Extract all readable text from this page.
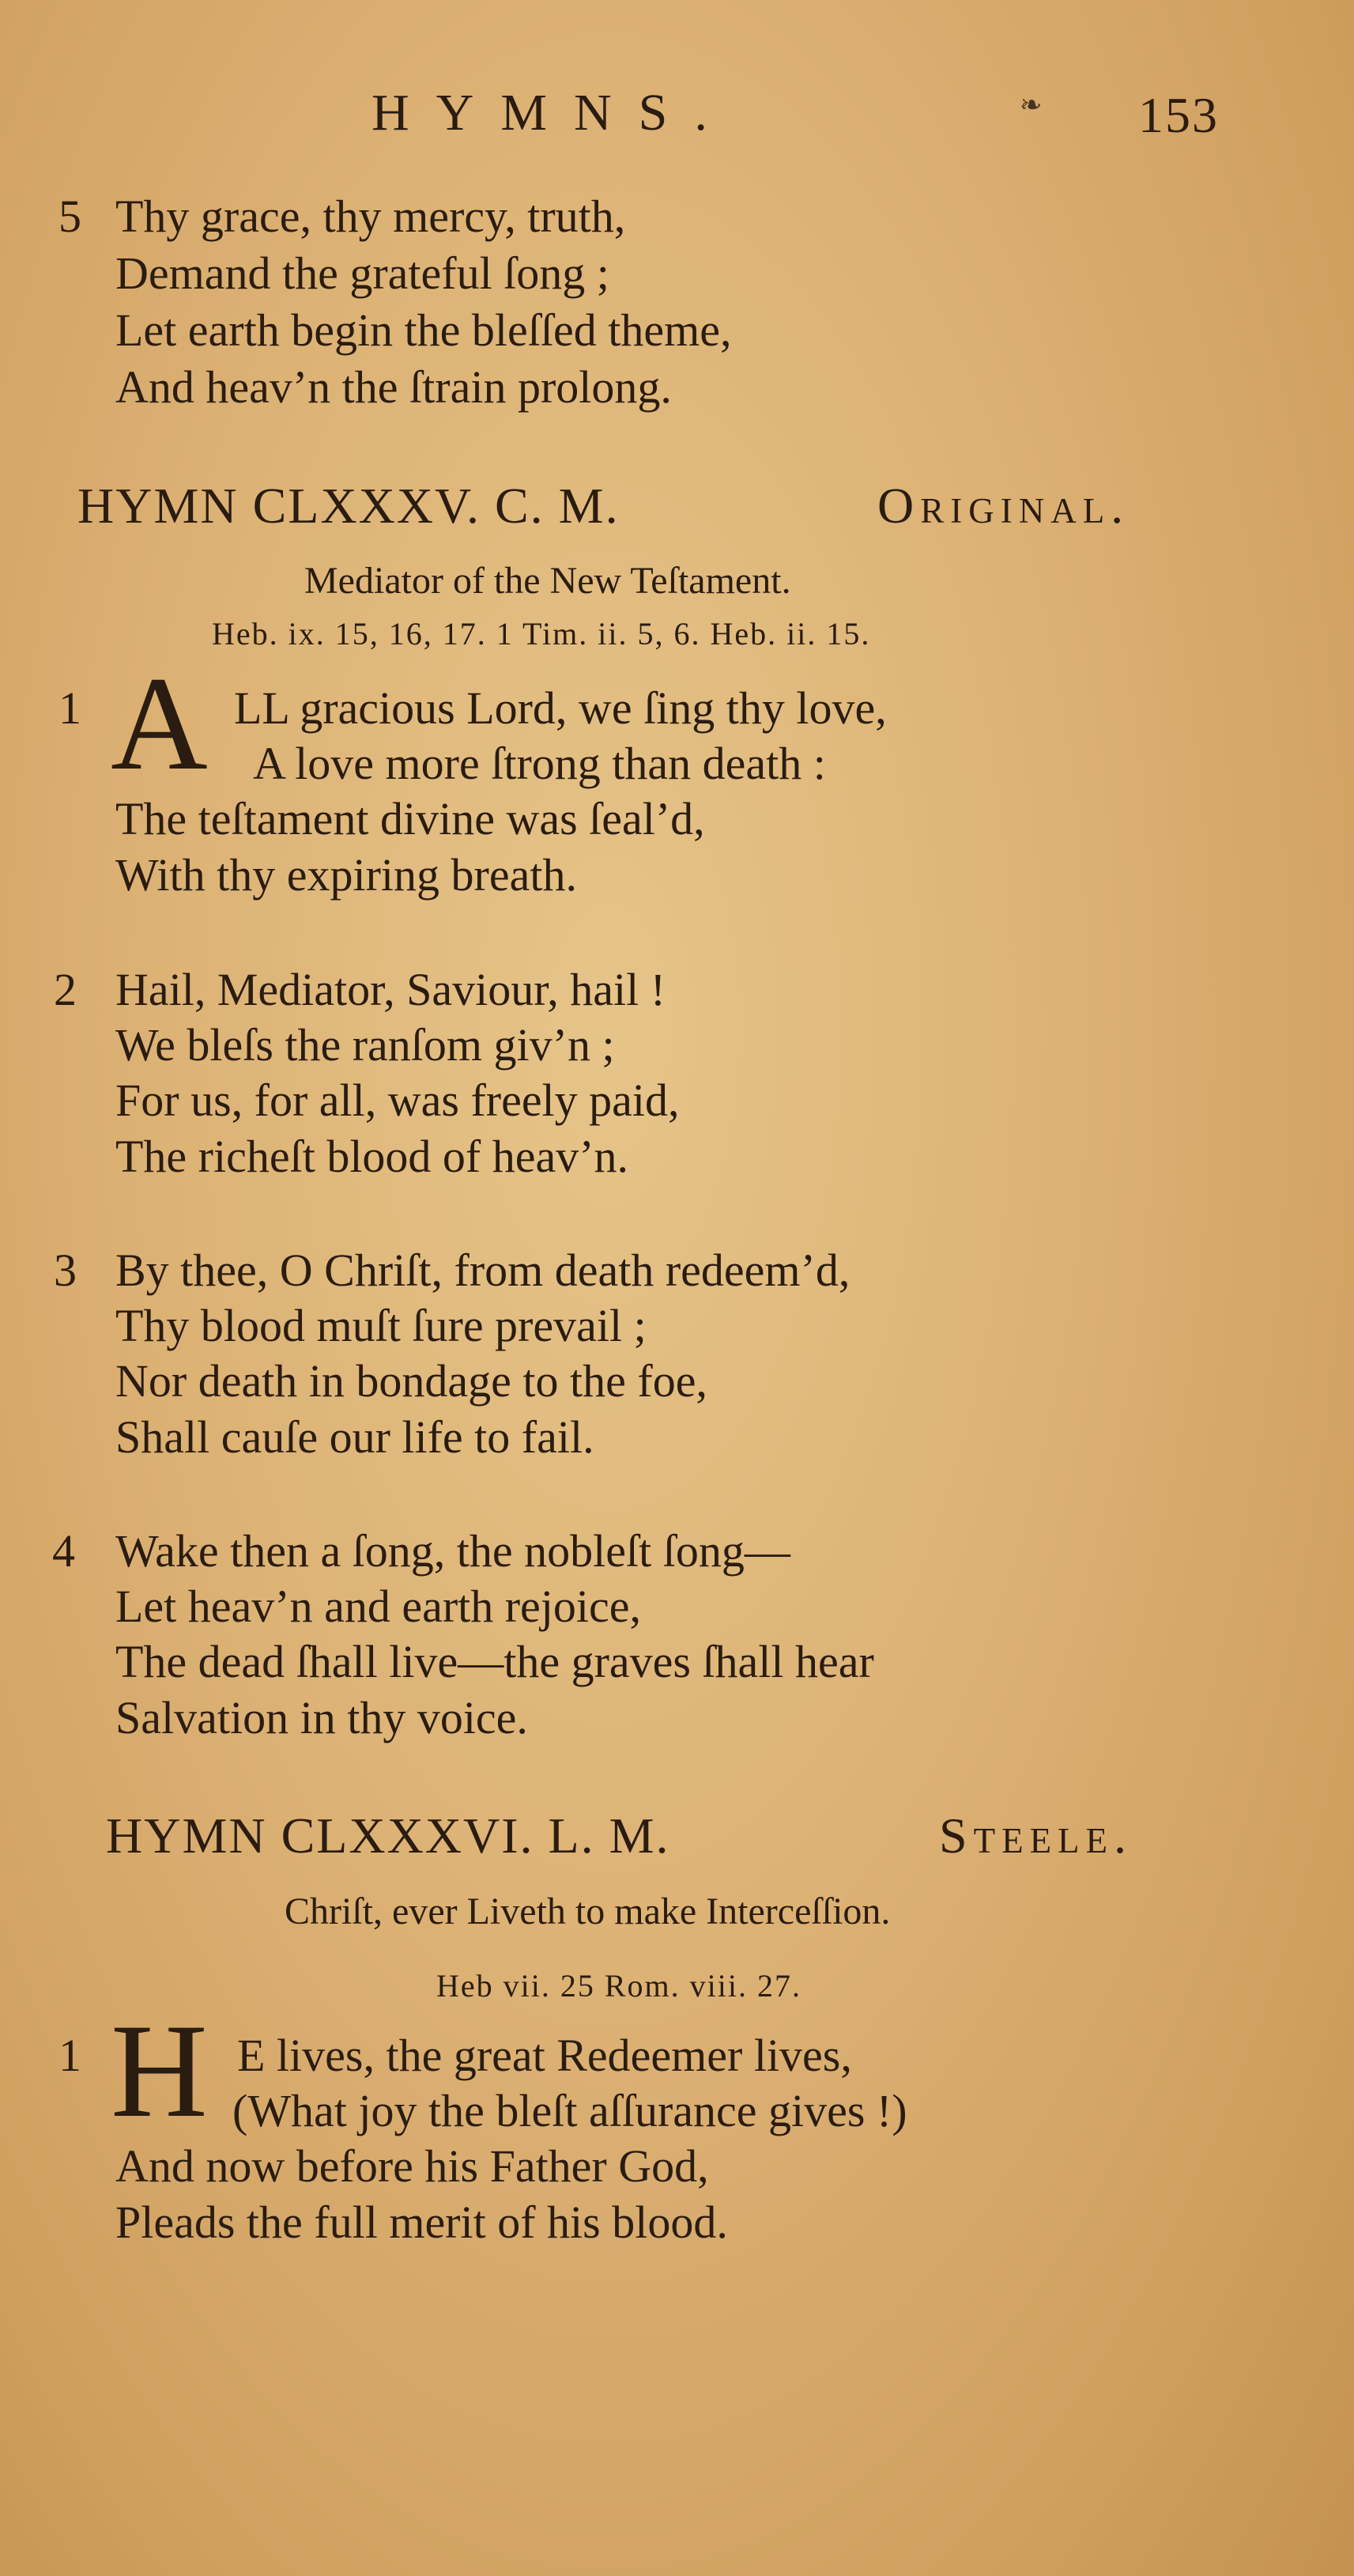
HYMNS.	❧ 153
5 Thy grace, thy mercy, truth,
Demand the grateful ſong ;
Let earth begin the bleſſed theme,
And heav’n the ſtrain prolong.
HYMN CLXXXV. C. M.	Original.
Mediator of the New Teſtament.
Heb. ix. 15, 16, 17. 1 Tim. ii. 5, 6. Heb. ii. 15.
1 A LL gracious Lord, we ſing thy love,
A love more ſtrong than death :
The teſtament divine was ſeal’d,
With thy expiring breath.
2 Hail, Mediator, Saviour, hail !
We bleſs the ranſom giv’n ;
For us, for all, was freely paid,
The richeſt blood of heav’n.
3 By thee, O Chriſt, from death redeem’d,
Thy blood muſt ſure prevail ;
Nor death in bondage to the foe,
Shall cauſe our life to fail.
4 Wake then a ſong, the nobleſt ſong—
Let heav’n and earth rejoice,
The dead ſhall live—the graves ſhall hear
Salvation in thy voice.
HYMN CLXXXVI. L. M.	Steele.
Chriſt, ever Liveth to make Interceſſion.
Heb vii. 25 Rom. viii. 27.
1 H E lives, the great Redeemer lives,
(What joy the bleſt aſſurance gives !)
And now before his Father God,
Pleads the full merit of his blood.
